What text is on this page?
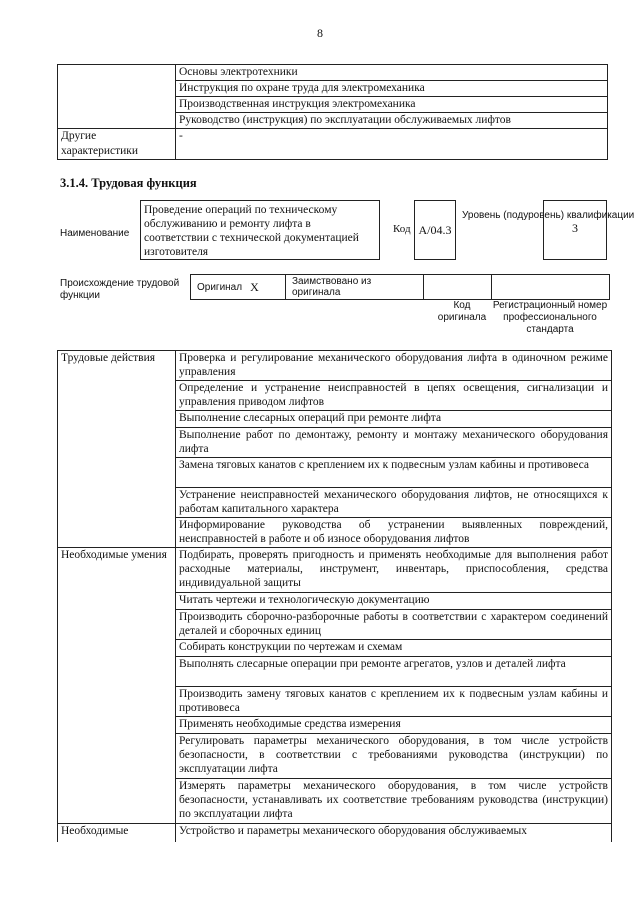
8
	Основы электротехники
	Инструкция по охране труда для электромеханика
	Производственная инструкция электромеханика
	Руководство (инструкция) по эксплуатации обслуживаемых лифтов
Другие характеристики	-
3.1.4. Трудовая функция
Наименование
Проведение операций по техническому обслуживанию и ремонту лифта в соответствии с технической документацией изготовителя
Код A/04.3
Уровень (подуровень) квалификации
3
Происхождение трудовой функции
Оригинал X	Заимствовано из оригинала
Код оригинала
Регистрационный номер профессионального стандарта
Трудовые действия	Проверка и регулирование механического оборудования лифта в одиночном режиме управления
	Определение и устранение неисправностей в цепях освещения, сигнализации и управления приводом лифтов
	Выполнение слесарных операций при ремонте лифта
	Выполнение работ по демонтажу, ремонту и монтажу механического оборудования лифта
	Замена тяговых канатов с креплением их к подвесным узлам кабины и противовеса
	Устранение неисправностей механического оборудования лифтов, не относящихся к работам капитального характера
	Информирование руководства об устранении выявленных повреждений, неисправностей в работе и об износе оборудования лифтов
Необходимые умения	Подбирать, проверять пригодность и применять необходимые для выполнения работ расходные материалы, инструмент, инвентарь, приспособления, средства индивидуальной защиты
	Читать чертежи и технологическую документацию
	Производить сборочно-разборочные работы в соответствии с характером соединений деталей и сборочных единиц
	Собирать конструкции по чертежам и схемам
	Выполнять слесарные операции при ремонте агрегатов, узлов и деталей лифта
	Производить замену тяговых канатов с креплением их к подвесным узлам кабины и противовеса
	Применять необходимые средства измерения
	Регулировать параметры механического оборудования, в том числе устройств безопасности, в соответствии с требованиями руководства (инструкции) по эксплуатации лифта
	Измерять параметры механического оборудования, в том числе устройств безопасности, устанавливать их соответствие требованиям руководства (инструкции) по эксплуатации лифта
Необходимые	Устройство и параметры механического оборудования обслуживаемых
